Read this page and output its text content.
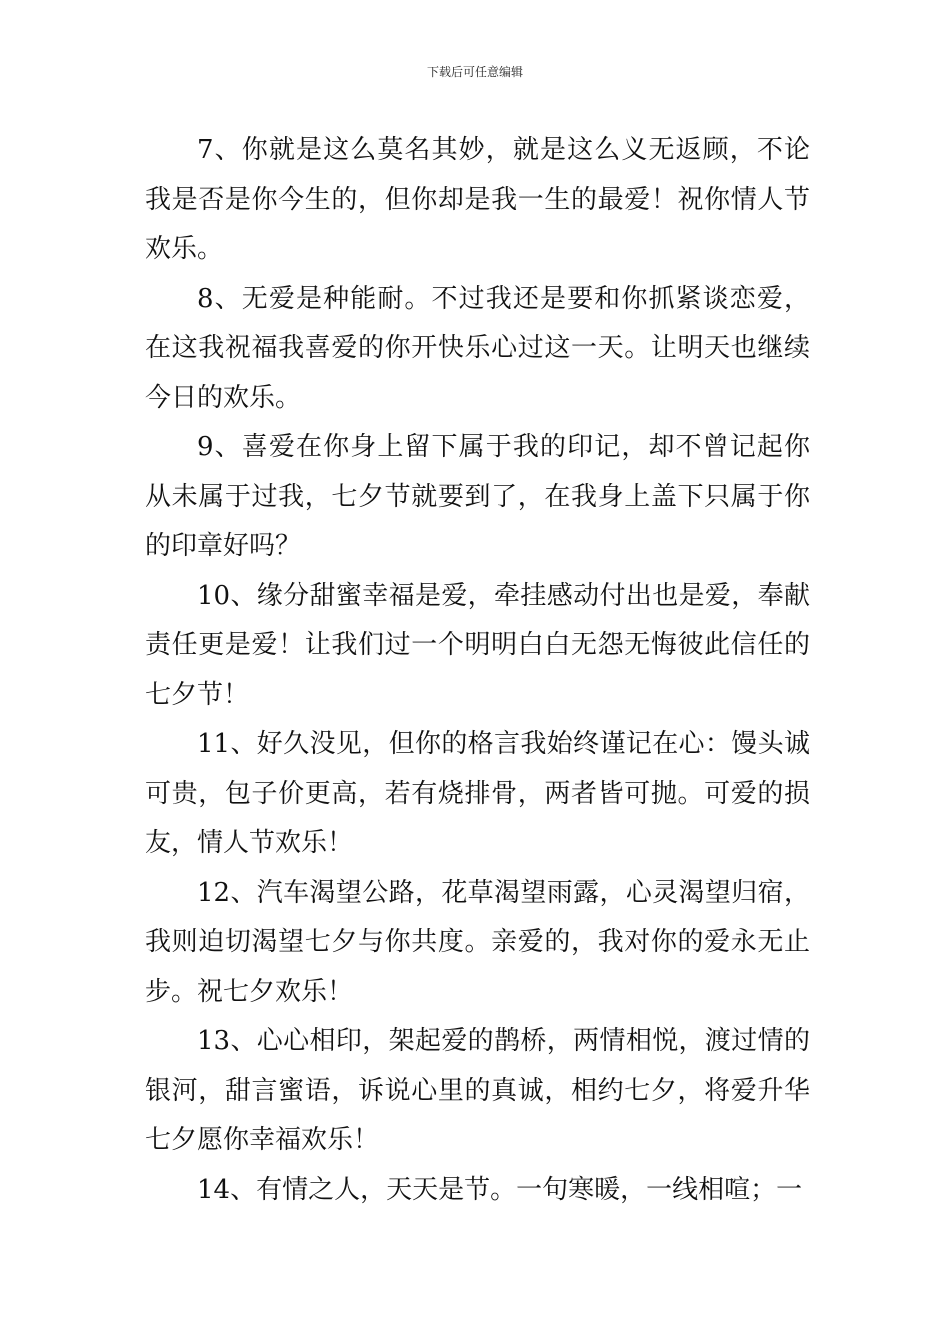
下载后可任意编辑

7、你就是这么莫名其妙，就是这么义无返顾，不论我是否是你今生的，但你却是我一生的最爱！祝你情人节欢乐。

8、无爱是种能耐。不过我还是要和你抓紧谈恋爱，在这我祝福我喜爱的你开快乐心过这一天。让明天也继续今日的欢乐。

9、喜爱在你身上留下属于我的印记，却不曾记起你从未属于过我，七夕节就要到了，在我身上盖下只属于你的印章好吗？

10、缘分甜蜜幸福是爱，牵挂感动付出也是爱，奉献责任更是爱！让我们过一个明明白白无怨无悔彼此信任的七夕节！

11、好久没见，但你的格言我始终谨记在心：馒头诚可贵，包子价更高，若有烧排骨，两者皆可抛。可爱的损友，情人节欢乐！

12、汽车渴望公路，花草渴望雨露，心灵渴望归宿，我则迫切渴望七夕与你共度。亲爱的，我对你的爱永无止步。祝七夕欢乐！

13、心心相印，架起爱的鹊桥，两情相悦，渡过情的银河，甜言蜜语，诉说心里的真诚，相约七夕，将爱升华七夕愿你幸福欢乐！

14、有情之人，天天是节。一句寒暖，一线相喧；一
